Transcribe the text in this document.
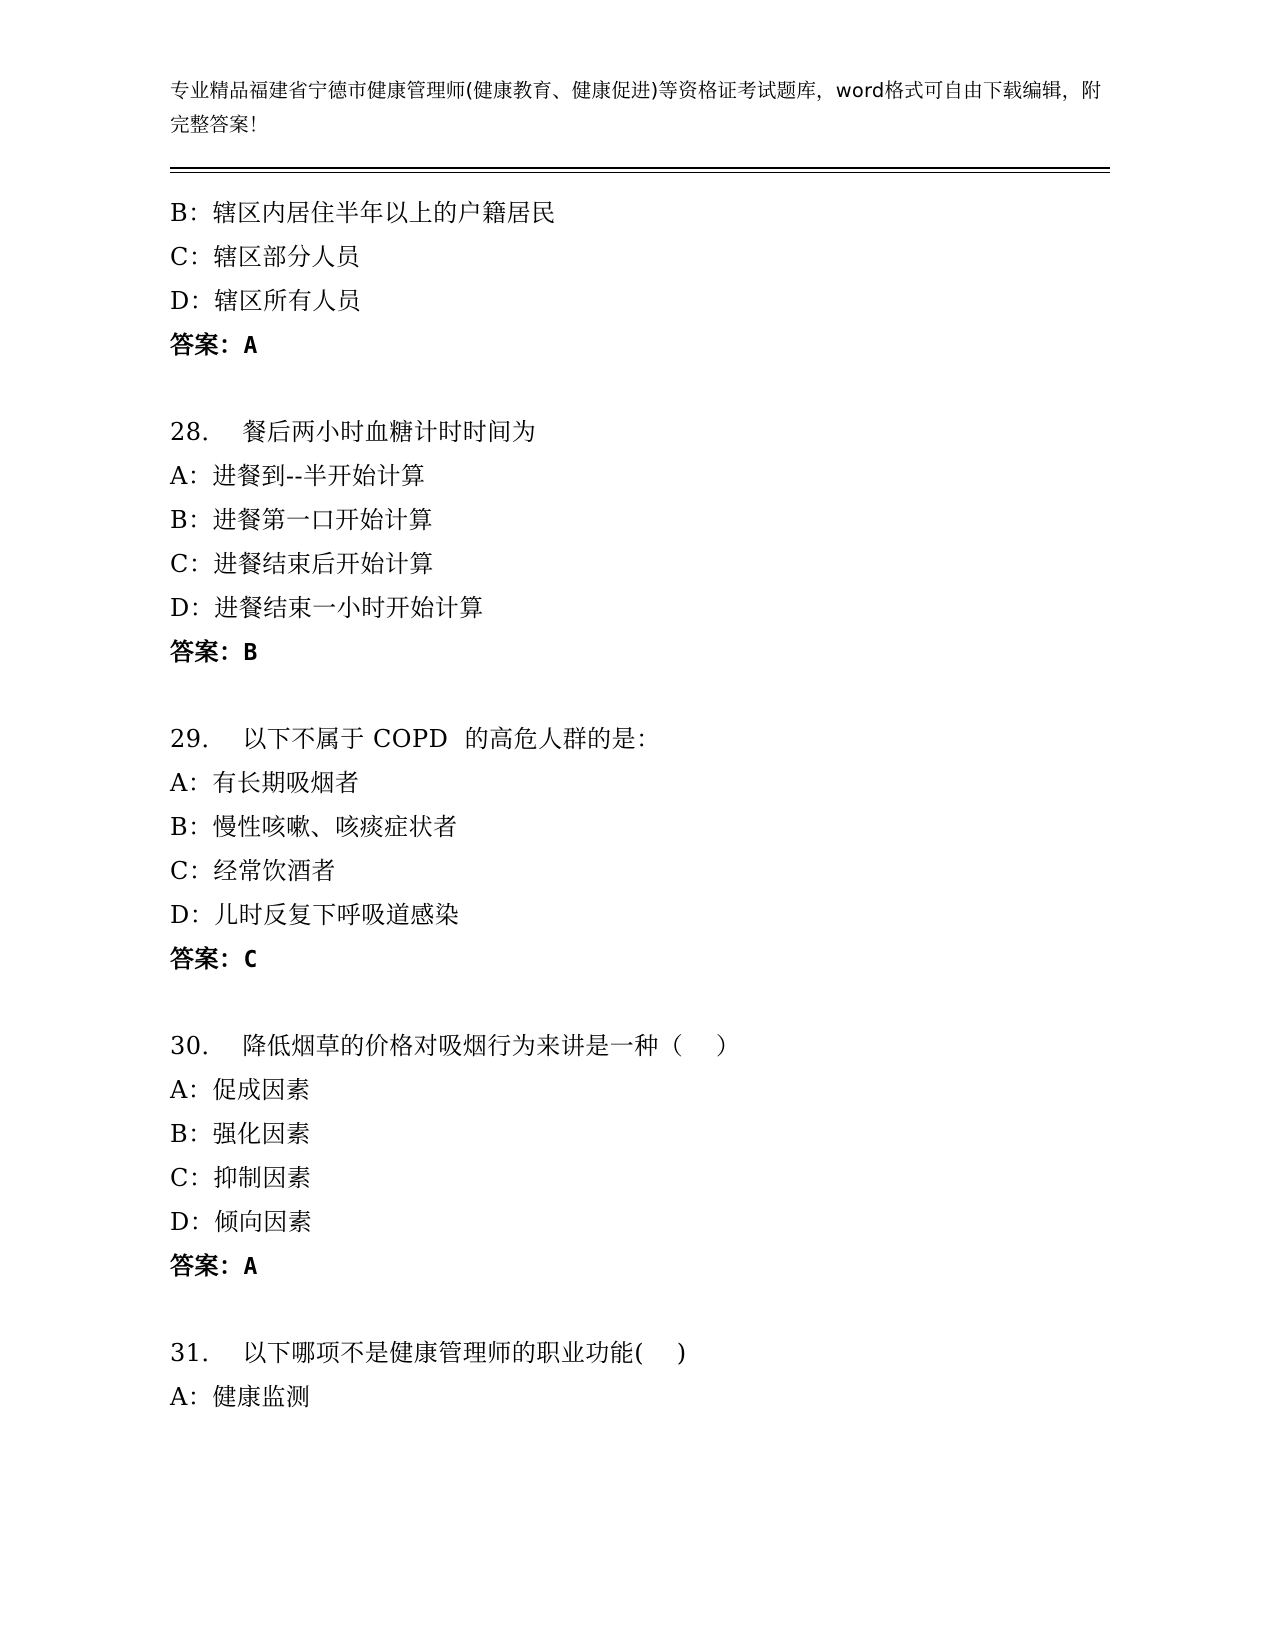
专业精品福建省宁德市健康管理师(健康教育、健康促进)等资格证考试题库，word格式可自由下载编辑，附完整答案！
B：辖区内居住半年以上的户籍居民
C：辖区部分人员
D：辖区所有人员
答案：A
28． 餐后两小时血糖计时时间为
A：进餐到--半开始计算
B：进餐第一口开始计算
C：进餐结束后开始计算
D：进餐结束一小时开始计算
答案：B
29． 以下不属于 COPD  的高危人群的是：
A：有长期吸烟者
B：慢性咳嗽、咳痰症状者
C：经常饮酒者
D：儿时反复下呼吸道感染
答案：C
30． 降低烟草的价格对吸烟行为来讲是一种（    ）
A：促成因素
B：强化因素
C：抑制因素
D：倾向因素
答案：A
31． 以下哪项不是健康管理师的职业功能(    )
A：健康监测
